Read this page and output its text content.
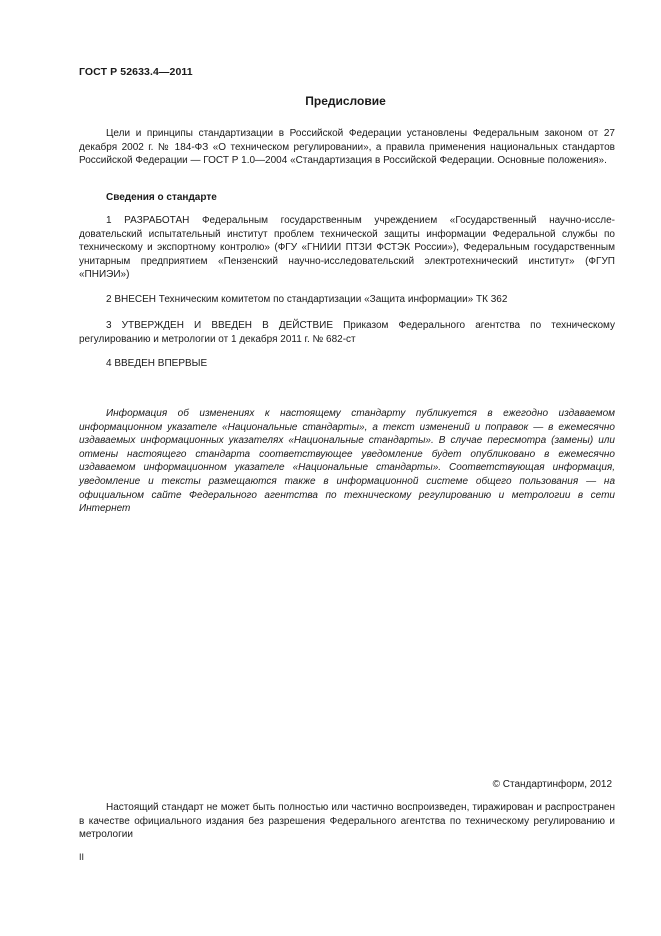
ГОСТ Р 52633.4—2011
Предисловие

Цели и принципы стандартизации в Российской Федерации установлены Федеральным законом от 27 декабря 2002 г. № 184-ФЗ «О техническом регулировании», а правила применения национальных стандартов Российской Федерации — ГОСТ Р 1.0—2004 «Стандартизация в Российской Федерации. Основные положения».

Сведения о стандарте

1 РАЗРАБОТАН Федеральным государственным учреждением «Государственный научно-исследовательский испытательный институт проблем технической защиты информации Федеральной службы по техническому и экспортному контролю» (ФГУ «ГНИИИ ПТЗИ ФСТЭК России»), Федеральным государственным унитарным предприятием «Пензенский научно-исследовательский электротехнический институт» (ФГУП «ПНИЭИ»)

2 ВНЕСЕН Техническим комитетом по стандартизации «Защита информации» ТК 362

3 УТВЕРЖДЕН И ВВЕДЕН В ДЕЙСТВИЕ Приказом Федерального агентства по техническому регулированию и метрологии от 1 декабря 2011 г. № 682-ст

4 ВВЕДЕН ВПЕРВЫЕ

Информация об изменениях к настоящему стандарту публикуется в ежегодно издаваемом информационном указателе «Национальные стандарты», а текст изменений и поправок — в ежемесячно издаваемых информационных указателях «Национальные стандарты». В случае пересмотра (замены) или отмены настоящего стандарта соответствующее уведомление будет опубликовано в ежемесячно издаваемом информационном указателе «Национальные стандарты». Соответствующая информация, уведомление и тексты размещаются также в информационной системе общего пользования — на официальном сайте Федерального агентства по техническому регулированию и метрологии в сети Интернет

© Стандартинформ, 2012

Настоящий стандарт не может быть полностью или частично воспроизведен, тиражирован и распространен в качестве официального издания без разрешения Федерального агентства по техническому регулированию и метрологии

II
